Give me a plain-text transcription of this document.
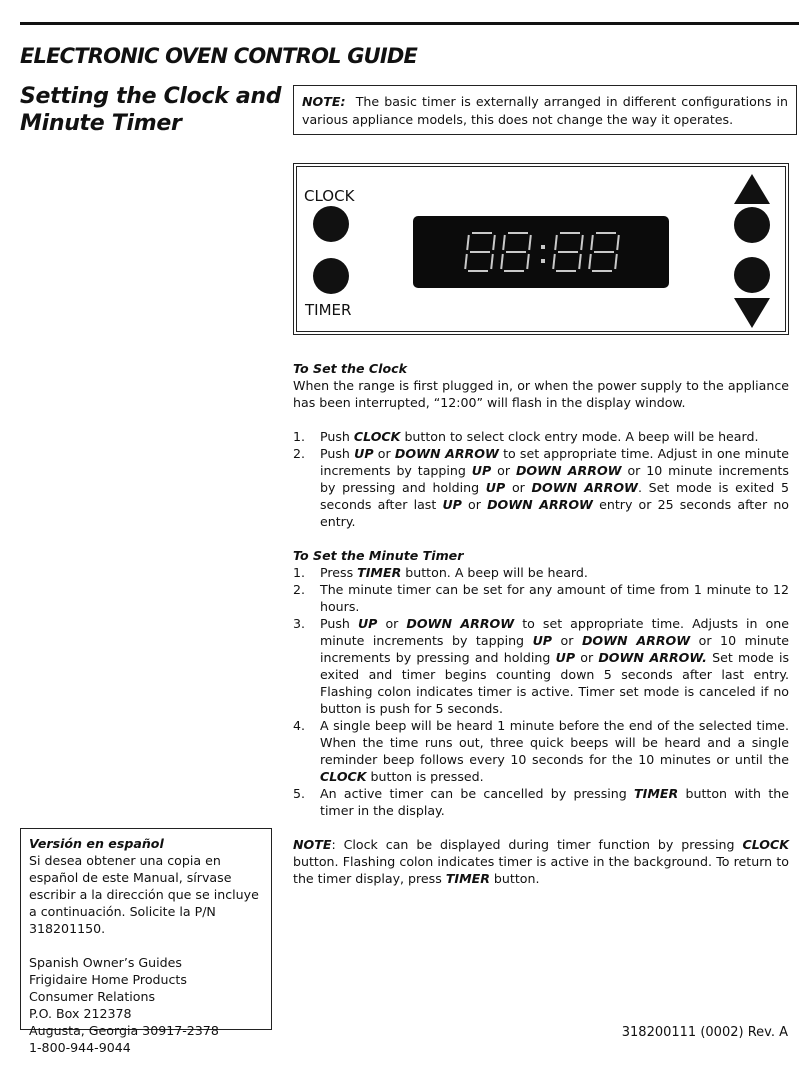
ELECTRONIC OVEN CONTROL GUIDE
Setting the Clock and Minute Timer
NOTE: The basic timer is externally arranged in different configurations in various appliance models, this does not change the way it operates.
CLOCK
TIMER
88:88

To Set the Clock

When the range is first plugged in, or when the power supply to the appliance has been interrupted, “12:00” will flash in the display window.

1. Push CLOCK button to select clock entry mode. A beep will be heard.
2. Push UP or DOWN ARROW to set appropriate time. Adjust in one minute increments by tapping UP or DOWN ARROW or 10 minute increments by pressing and holding UP or DOWN ARROW. Set mode is exited 5 seconds after last UP or DOWN ARROW entry or 25 seconds after no entry.

To Set the Minute Timer

1. Press TIMER button. A beep will be heard.
2. The minute timer can be set for any amount of time from 1 minute to 12 hours.
3. Push UP or DOWN ARROW to set appropriate time. Adjusts in one minute increments by tapping UP or DOWN ARROW or 10 minute increments by pressing and holding UP or DOWN ARROW. Set mode is exited and timer begins counting down 5 seconds after last entry. Flashing colon indicates timer is active. Timer set mode is canceled if no button is push for 5 seconds.
4. A single beep will be heard 1 minute before the end of the selected time. When the time runs out, three quick beeps will be heard and a single reminder beep follows every 10 seconds for the 10 minutes or until the CLOCK button is pressed.
5. An active timer can be cancelled by pressing TIMER button with the timer in the display.

NOTE: Clock can be displayed during timer function by pressing CLOCK button. Flashing colon indicates timer is active in the background. To return to the timer display, press TIMER button.

Versión en español
Si desea obtener una copia en español de este Manual, sírvase escribir a la dirección que se incluye a continuación. Solicite la P/N 318201150.
Spanish Owner’s Guides
Frigidaire Home Products
Consumer Relations
P.O. Box 212378
Augusta, Georgia 30917-2378
1-800-944-9044
318200111 (0002) Rev. A
